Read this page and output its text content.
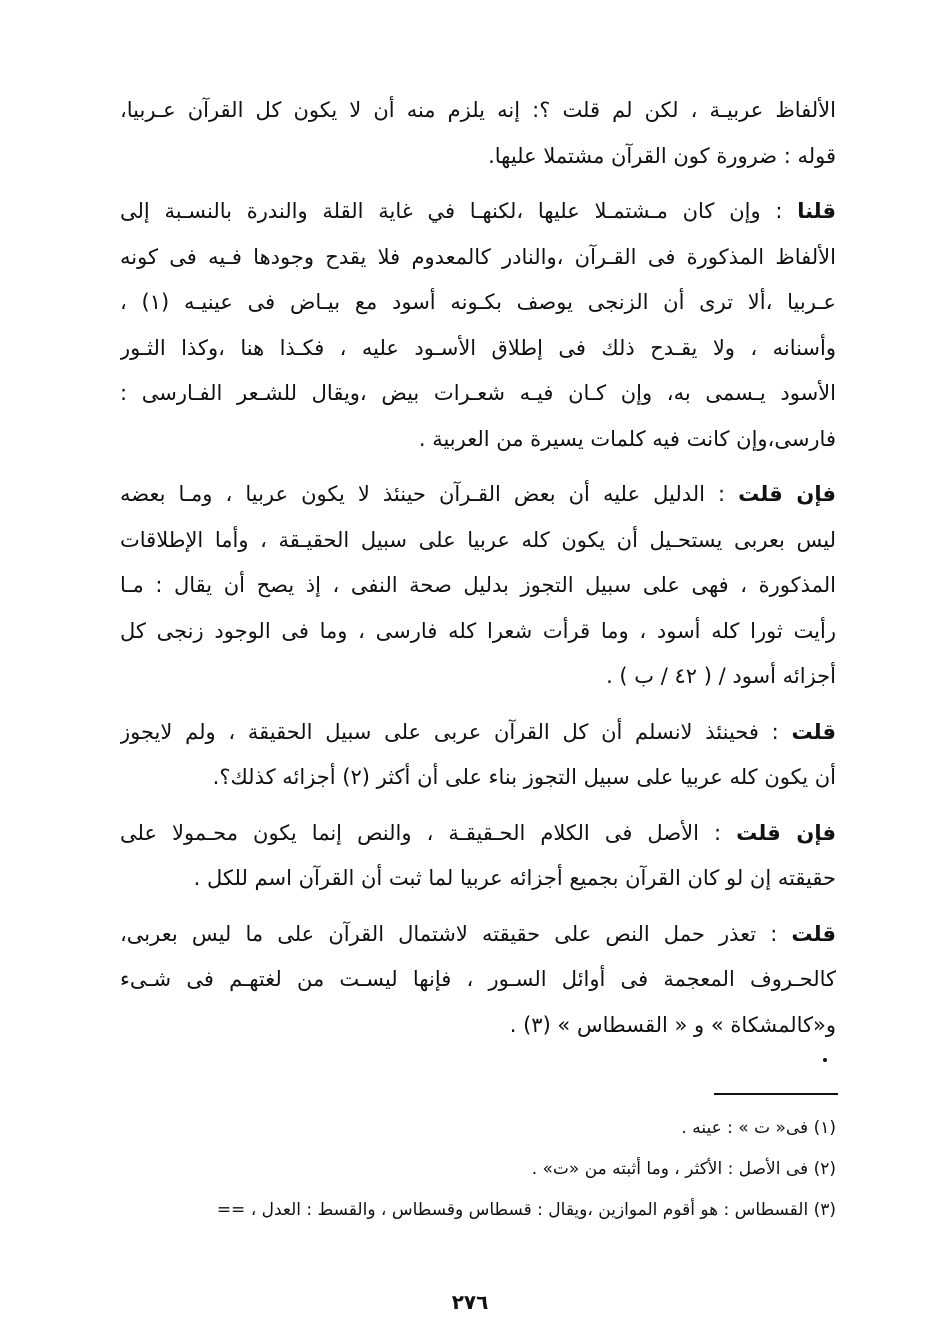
الألفاظ عربيـة ، لكن لم قلت ؟: إنه يلزم منه أن لا يكون كل القرآن عـربيا،
قوله : ضرورة كون القرآن مشتملا عليها.
قلنا : وإن كان مـشتمـلا عليها ،لكنهـا في غاية القلة والندرة بالنسـبة إلى
الألفاظ المذكورة فى القـرآن ،والنادر كالمعدوم فلا يقدح وجودها فـيه فى كونه
عـربيا ،ألا ترى أن الزنجى يوصف بكـونه أسود مع بيـاض فى عينيـه (١) ،
وأسنانه ، ولا يقـدح ذلك فى إطلاق الأسـود عليه ، فكـذا هنا ،وكذا الثـور
الأسود يـسمى به، وإن كـان فيـه شعـرات بيض ،ويقال للشـعر الفـارسى :
فارسى،وإن كانت فيه كلمات يسيرة من العربية .
فإن قلت : الدليل عليه أن بعض القـرآن حينئذ لا يكون عربيا ، ومـا بعضه
ليس بعربى يستحـيل أن يكون كله عربيا على سبيل الحقيـقة ، وأما الإطلاقات
المذكورة ، فهى على سبيل التجوز بدليل صحة النفى ، إذ يصح أن يقال : مـا
رأيت ثورا كله أسود ، وما قرأت شعرا كله فارسى ، وما فى الوجود زنجى كل
أجزائه أسود / ( ٤٢ / ب ) .
قلت : فحينئذ لانسلم أن كل القرآن عربى على سبيل الحقيقة ، ولم لايجوز
أن يكون كله عربيا على سبيل التجوز بناء على أن أكثر (٢) أجزائه كذلك؟.
فإن قلت : الأصل فى الكلام الحـقيقـة ، والنص إنما يكون محـمولا على
حقيقته إن لو كان القرآن بجميع أجزائه عربيا لما ثبت أن القرآن اسم للكل .
قلت : تعذر حمل النص على حقيقته لاشتمال القرآن على ما ليس بعربى،
كالحـروف المعجمة فى أوائل السـور ، فإنها ليسـت من لغتهـم فى شـىء
و«كالمشكاة » و « القسطاس » (٣) .
(١) فى« ت » : عينه .
(٢) فى الأصل : الأكثر ، وما أثبته من «ت» .
(٣) القسطاس : هو أقوم الموازين ،ويقال : قسطاس وقسطاس ، والقسط : العدل ، ==
٢٧٦
